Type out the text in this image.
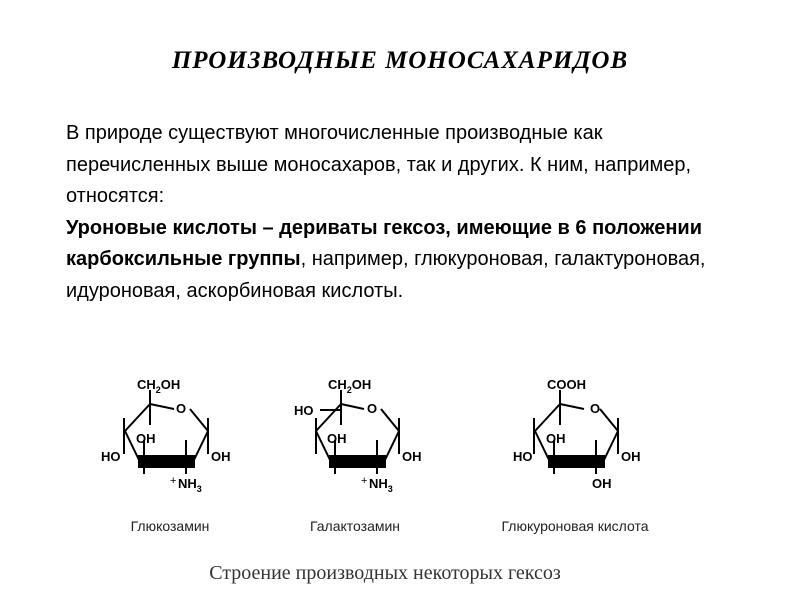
ПРОИЗВОДНЫЕ МОНОСАХАРИДОВ
В природе существуют многочисленные производные как перечисленных выше моносахаров, так и других. К ним, например, относятся:
Уроновые кислоты – дериваты гексоз, имеющие в 6 положении карбоксильные группы, например, глюкуроновая, галактуроновая, идуроновая, аскорбиновая кислоты.
$CH_2OH$
O
OH
HO	OH
+ $NH_3$
Глюкозамин
$CH_2OH$
HO	O
OH
OH
+ $NH_3$
Галактозамин
COOH
O
OH
HO	OH
OH
Глюкуроновая кислота
Строение производных некоторых гексоз
